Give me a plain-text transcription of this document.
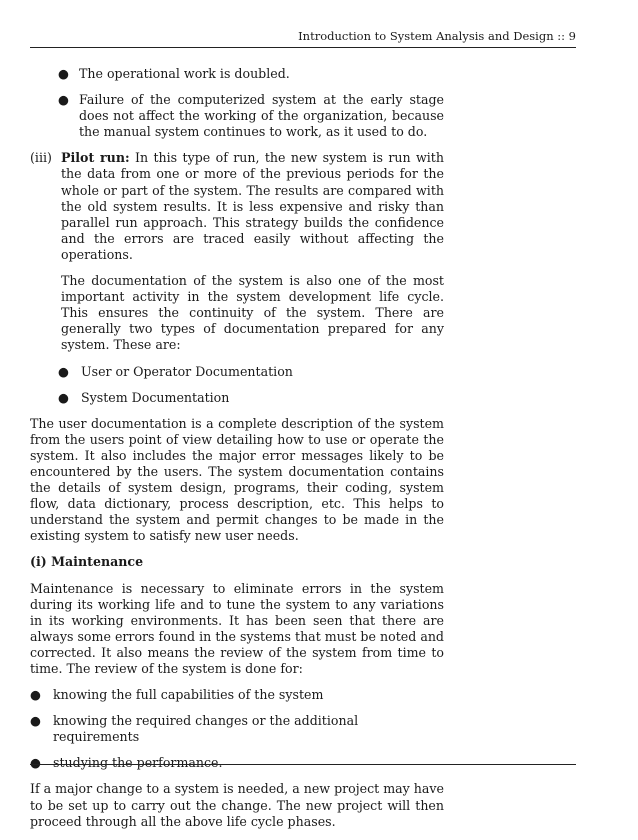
Introduction to System Analysis and Design :: 9
● The operational work is doubled.
● Failure of the computerized system at the early stage does not affect the working of the organization, because the manual system continues to work, as it used to do.
(iii) Pilot run: In this type of run, the new system is run with the data from one or more of the previous periods for the whole or part of the system. The results are compared with the old system results. It is less expensive and risky than parallel run approach. This strategy builds the confidence and the errors are traced easily without affecting the operations.

The documentation of the system is also one of the most important activity in the system development life cycle. This ensures the continuity of the system. There are generally two types of documentation prepared for any system. These are:

● User or Operator Documentation
● System Documentation

The user documentation is a complete description of the system from the users point of view detailing how to use or operate the system. It also includes the major error messages likely to be encountered by the users. The system documentation contains the details of system design, programs, their coding, system flow, data dictionary, process description, etc. This helps to understand the system and permit changes to be made in the existing system to satisfy new user needs.

(i) Maintenance

Maintenance is necessary to eliminate errors in the system during its working life and to tune the system to any variations in its working environments. It has been seen that there are always some errors found in the systems that must be noted and corrected. It also means the review of the system from time to time. The review of the system is done for:

● knowing the full capabilities of the system
● knowing the required changes or the additional requirements
● studying the performance.

If a major change to a system is needed, a new project may have to be set up to carry out the change. The new project will then proceed through all the above life cycle phases.
